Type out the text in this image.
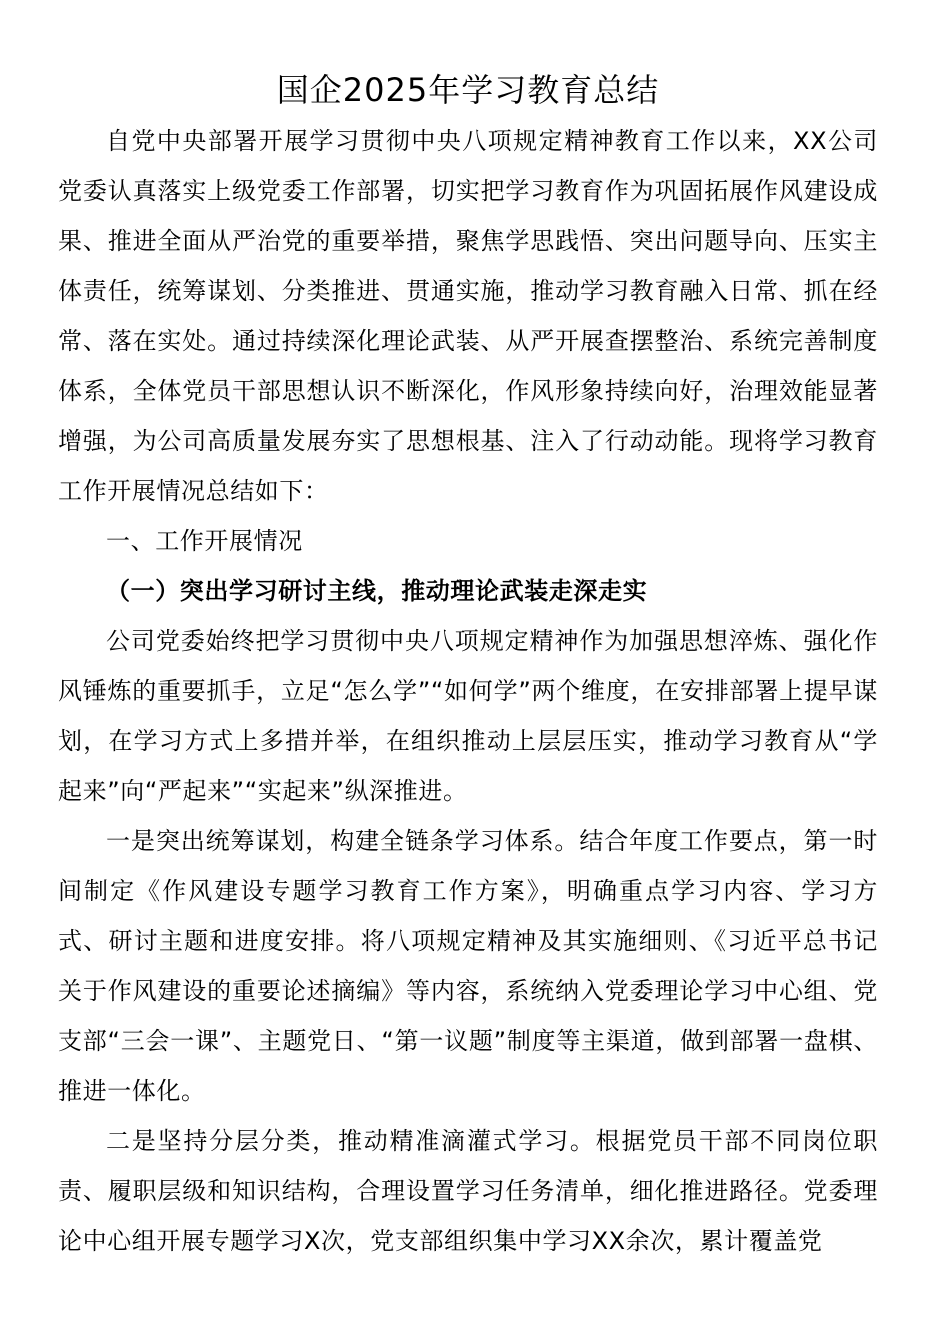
国企2025年学习教育总结

自党中央部署开展学习贯彻中央八项规定精神教育工作以来，XX公司党委认真落实上级党委工作部署，切实把学习教育作为巩固拓展作风建设成果、推进全面从严治党的重要举措，聚焦学思践悟、突出问题导向、压实主体责任，统筹谋划、分类推进、贯通实施，推动学习教育融入日常、抓在经常、落在实处。通过持续深化理论武装、从严开展查摆整治、系统完善制度体系，全体党员干部思想认识不断深化，作风形象持续向好，治理效能显著增强，为公司高质量发展夯实了思想根基、注入了行动动能。现将学习教育工作开展情况总结如下：

一、工作开展情况

（一）突出学习研讨主线，推动理论武装走深走实

公司党委始终把学习贯彻中央八项规定精神作为加强思想淬炼、强化作风锤炼的重要抓手，立足“怎么学”“如何学”两个维度，在安排部署上提早谋划，在学习方式上多措并举，在组织推动上层层压实，推动学习教育从“学起来”向“严起来”“实起来”纵深推进。

一是突出统筹谋划，构建全链条学习体系。结合年度工作要点，第一时间制定《作风建设专题学习教育工作方案》，明确重点学习内容、学习方式、研讨主题和进度安排。将八项规定精神及其实施细则、《习近平总书记关于作风建设的重要论述摘编》等内容，系统纳入党委理论学习中心组、党支部“三会一课”、主题党日、“第一议题”制度等主渠道，做到部署一盘棋、推进一体化。

二是坚持分层分类，推动精准滴灌式学习。根据党员干部不同岗位职责、履职层级和知识结构，合理设置学习任务清单，细化推进路径。党委理论中心组开展专题学习X次，党支部组织集中学习XX余次，累计覆盖党
